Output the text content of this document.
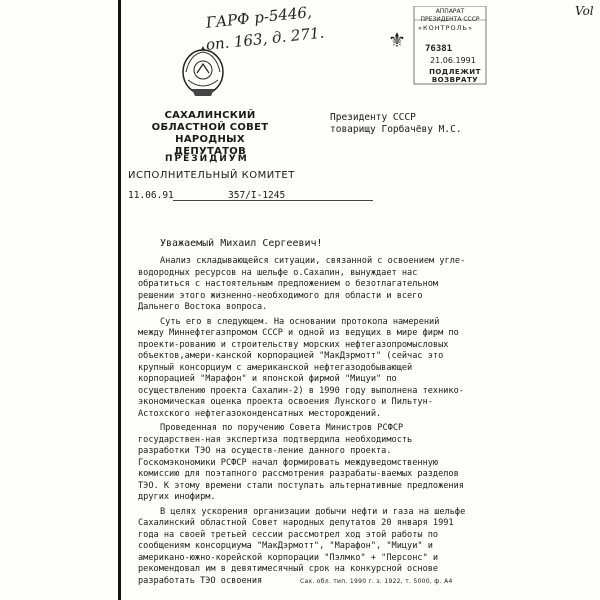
ГАРФ р-5446,
оп. 163, д. 271.
Vol
САХАЛИНСКИЙ
ОБЛАСТНОЙ СОВЕТ
НАРОДНЫХ ДЕПУТАТОВ
ПРЕЗИДИУМ
ИСПОЛНИТЕЛЬНЫЙ КОМИТЕТ
11.06.91	357/I-1245
⚜
АППАРАТ ПРЕЗИДЕНТА СССР
«КОНТРОЛЬ»
76381
21.06.1991
ПОДЛЕЖИТ ВОЗВРАТУ
Президенту СССР
товарищу Горбачёву М.С.
Уважаемый Михаил Сергеевич!

Анализ складывающейся ситуации, связанной с освоением угле-водородных ресурсов на шельфе о.Сахалин, вынуждает нас обратиться с настоятельным предложением о безотлагательном решении этого жизненно-необходимого для области и всего Дальнего Востока вопроса.

Суть его в следующем. На основании протокола намерений между Миннефтегазпромом СССР и одной из ведущих в мире фирм по проекти-рованию и строительству морских нефтегазопромысловых объектов,амери-канской корпорацией "МакДэрмотт" (сейчас это крупный консорциум с американской нефтегазодобывающей корпорацией "Марафон" и японской фирмой "Мицуи" по осуществлению проекта Сахалин-2) в 1990 году выполнена технико-экономическая оценка проекта освоения Лунского и Пильтун-Астохского нефтегазоконденсатных месторождений.

Проведенная по поручению Совета Министров РСФСР государствен-ная экспертиза подтвердила необходимость разработки ТЭО на осуществ-ление данного проекта. Госкомэкономики РСФСР начал формировать междуведомственную комиссию для поэтапного рассмотрения разрабаты-ваемых разделов ТЭО. К этому времени стали поступать альтернативные предложения других инофирм.

В целях ускорения организации добычи нефти и газа на шельфе Сахалинский областной Совет народных депутатов 20 января 1991 года на своей третьей сессии рассмотрел ход этой работы по сообщениям консорциума "МакДэрмотт", "Марафон", "Мицуи" и американо-южно-корейской корпорации "Пэлмко" + "Персонс" и рекомендовал им в девятимесячный срок на конкурсной основе разработать ТЭО освоения	Сах. обл. тип. 1990 г. з. 1922, т. 5000, ф. А4
